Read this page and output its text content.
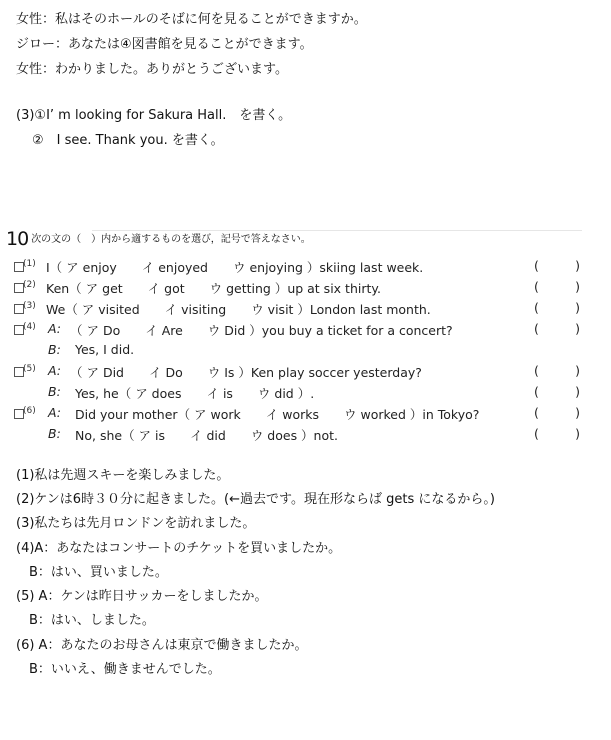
女性：私はそのホールのそばに何を見ることができますか。
ジロー：あなたは④図書館を見ることができます。
女性：わかりました。ありがとうございます。
(3)①I’ m looking for Sakura Hall.　を書く。
②　I see. Thank you. を書く。
10 次の文の（　）内から適するものを選び，記号で答えなさい。
(1) I（ ア enjoy　　イ enjoyed　　ウ enjoying ）skiing last week.	(	)
(2) Ken（ ア get　　イ got　　ウ getting ）up at six thirty.	(	)
(3) We（ ア visited　　イ visiting　　ウ visit ）London last month.	(	)
(4) A: （ ア Do　　イ Are　　ウ Did ）you buy a ticket for a concert?	(	)
B: Yes, I did.
(5) A: （ ア Did　　イ Do　　ウ Is ）Ken play soccer yesterday?	(	)
B: Yes, he（ ア does　　イ is　　ウ did ）.	(	)
(6) A: Did your mother（ ア work　　イ works　　ウ worked ）in Tokyo?	(	)
B: No, she（ ア is　　イ did　　ウ does ）not.	(	)
(1)私は先週スキーを楽しみました。
(2)ケンは6時３０分に起きました。(←過去です。現在形ならば gets になるから。)
(3)私たちは先月ロンドンを訪れました。
(4)A：あなたはコンサートのチケットを買いましたか。
　B：はい、買いました。
(5) A：ケンは昨日サッカーをしましたか。
　B：はい、しました。
(6) A：あなたのお母さんは東京で働きましたか。
　B：いいえ、働きませんでした。
